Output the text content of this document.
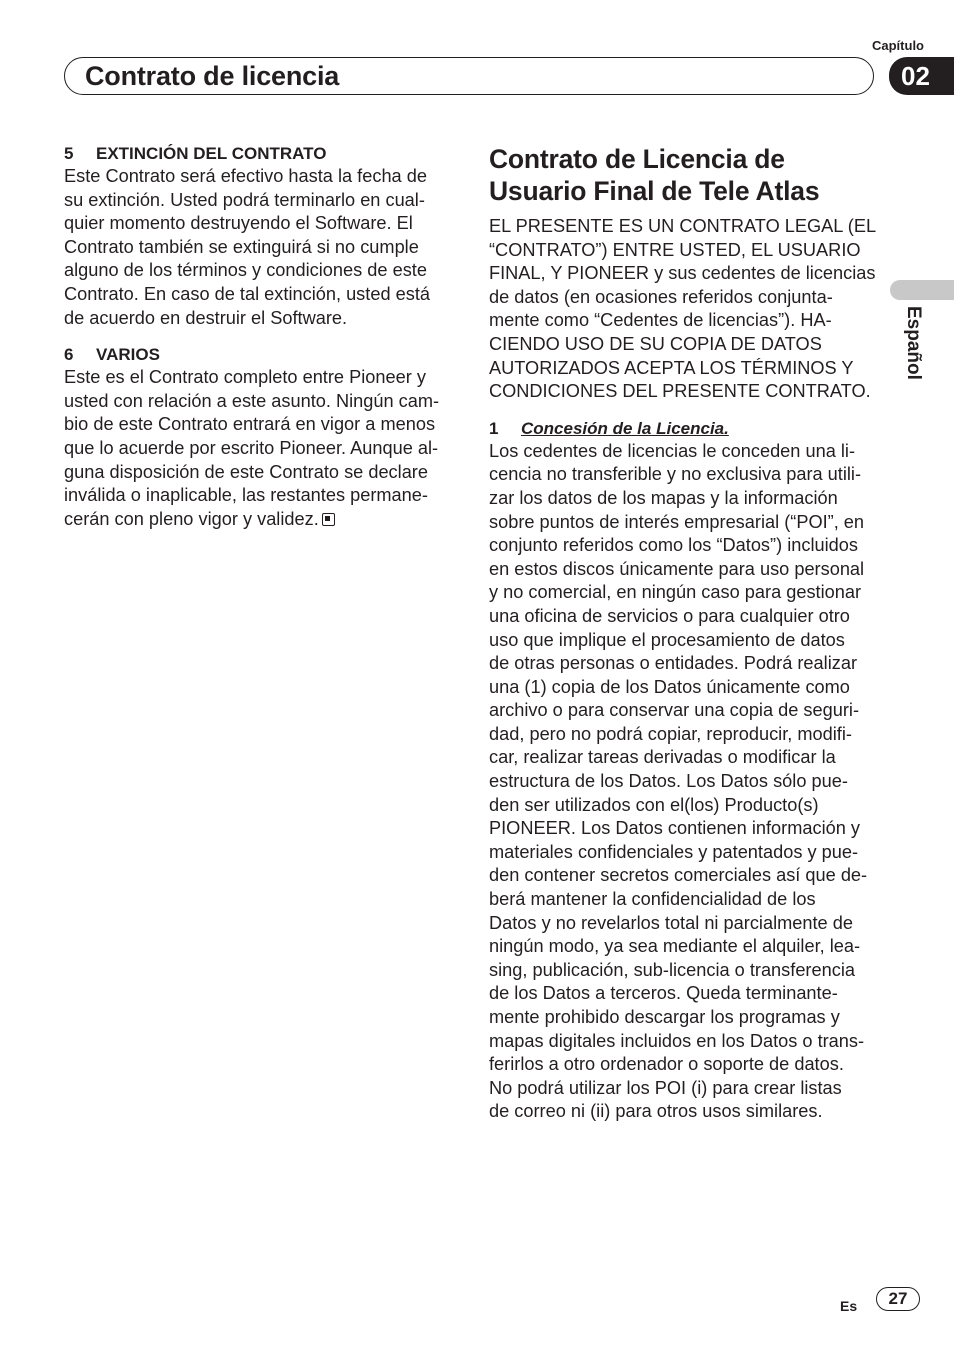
Capítulo
Contrato de licencia	02
Español
5 EXTINCIÓN DEL CONTRATO
Este Contrato será efectivo hasta la fecha de
su extinción. Usted podrá terminarlo en cual-
quier momento destruyendo el Software. El
Contrato también se extinguirá si no cumple
alguno de los términos y condiciones de este
Contrato. En caso de tal extinción, usted está
de acuerdo en destruir el Software.
6 VARIOS
Este es el Contrato completo entre Pioneer y
usted con relación a este asunto. Ningún cam-
bio de este Contrato entrará en vigor a menos
que lo acuerde por escrito Pioneer. Aunque al-
guna disposición de este Contrato se declare
inválida o inaplicable, las restantes permane-
cerán con pleno vigor y validez.
Contrato de Licencia de
Usuario Final de Tele Atlas
EL PRESENTE ES UN CONTRATO LEGAL (EL
“CONTRATO”) ENTRE USTED, EL USUARIO
FINAL, Y PIONEER y sus cedentes de licencias
de datos (en ocasiones referidos conjunta-
mente como “Cedentes de licencias”). HA-
CIENDO USO DE SU COPIA DE DATOS
AUTORIZADOS ACEPTA LOS TÉRMINOS Y
CONDICIONES DEL PRESENTE CONTRATO.
1 Concesión de la Licencia.
Los cedentes de licencias le conceden una li-
cencia no transferible y no exclusiva para utili-
zar los datos de los mapas y la información
sobre puntos de interés empresarial (“POI”, en
conjunto referidos como los “Datos”) incluidos
en estos discos únicamente para uso personal
y no comercial, en ningún caso para gestionar
una oficina de servicios o para cualquier otro
uso que implique el procesamiento de datos
de otras personas o entidades. Podrá realizar
una (1) copia de los Datos únicamente como
archivo o para conservar una copia de seguri-
dad, pero no podrá copiar, reproducir, modifi-
car, realizar tareas derivadas o modificar la
estructura de los Datos. Los Datos sólo pue-
den ser utilizados con el(los) Producto(s)
PIONEER. Los Datos contienen información y
materiales confidenciales y patentados y pue-
den contener secretos comerciales así que de-
berá mantener la confidencialidad de los
Datos y no revelarlos total ni parcialmente de
ningún modo, ya sea mediante el alquiler, lea-
sing, publicación, sub-licencia o transferencia
de los Datos a terceros. Queda terminante-
mente prohibido descargar los programas y
mapas digitales incluidos en los Datos o trans-
ferirlos a otro ordenador o soporte de datos.
No podrá utilizar los POI (i) para crear listas
de correo ni (ii) para otros usos similares.
Es	27
